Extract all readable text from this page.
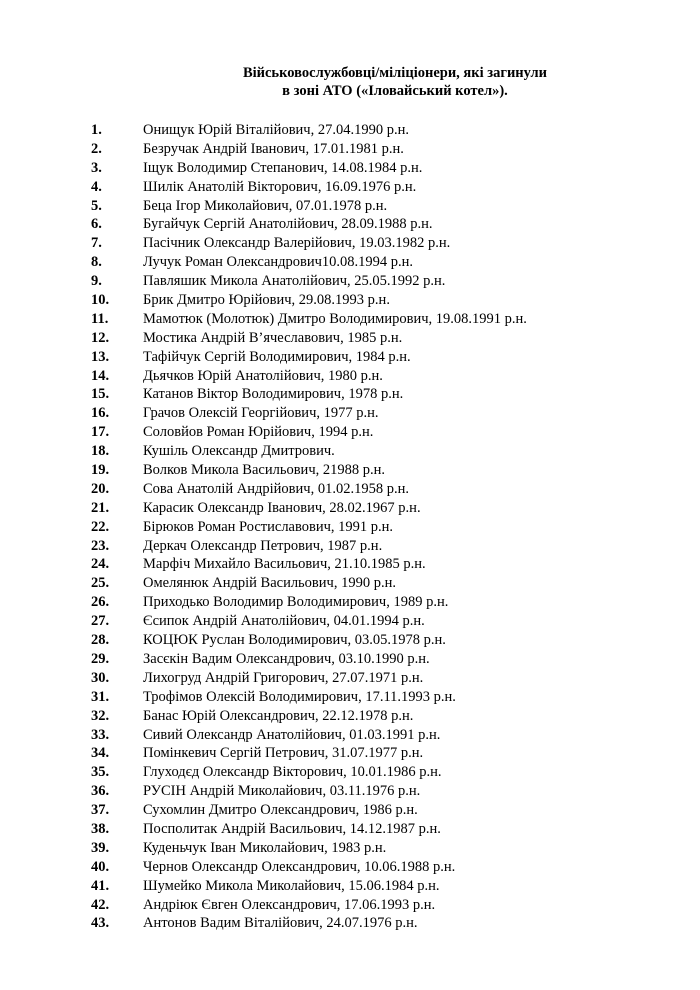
Військовослужбовці/міліціонери, які загинули
в зоні АТО («Іловайський котел»).
1.	Онищук Юрій Віталійович, 27.04.1990 р.н.
2.	Безручак Андрій Іванович, 17.01.1981 р.н.
3.	Іщук Володимир Степанович, 14.08.1984 р.н.
4.	Шилік Анатолій Вікторович, 16.09.1976 р.н.
5.	Беца Ігор Миколайович, 07.01.1978 р.н.
6.	Бугайчук Сергій Анатолійович, 28.09.1988 р.н.
7.	Пасічник Олександр Валерійович, 19.03.1982 р.н.
8.	Лучук Роман Олександрович10.08.1994 р.н.
9.	Павляшик Микола Анатолійович, 25.05.1992 р.н.
10.	Брик Дмитро Юрійович, 29.08.1993 р.н.
11.	Мамотюк (Молотюк) Дмитро Володимирович, 19.08.1991 р.н.
12.	Мостика Андрій В’ячеславович, 1985 р.н.
13.	Тафійчук Сергій Володимирович, 1984 р.н.
14.	Дьячков Юрій Анатолійович, 1980 р.н.
15.	Катанов Віктор Володимирович, 1978 р.н.
16.	Грачов Олексій Георгійович, 1977 р.н.
17.	Соловйов Роман Юрійович, 1994 р.н.
18.	Кушіль Олександр Дмитрович.
19.	Волков Микола Васильович, 21988 р.н.
20.	Сова Анатолій Андрійович, 01.02.1958 р.н.
21.	Карасик Олександр Іванович, 28.02.1967 р.н.
22.	Бірюков Роман Ростиславович, 1991 р.н.
23.	Деркач Олександр Петрович, 1987 р.н.
24.	Марфіч Михайло Васильович, 21.10.1985 р.н.
25.	Омелянюк Андрій Васильович, 1990 р.н.
26.	Приходько Володимир Володимирович, 1989 р.н.
27.	Єсипок Андрій Анатолійович, 04.01.1994 р.н.
28.	КОЦЮК Руслан Володимирович, 03.05.1978 р.н.
29.	Засєкін Вадим Олександрович, 03.10.1990 р.н.
30.	Лихогруд Андрій Григорович, 27.07.1971 р.н.
31.	Трофімов Олексій Володимирович, 17.11.1993 р.н.
32.	Банас Юрій Олександрович, 22.12.1978 р.н.
33.	Сивий Олександр Анатолійович, 01.03.1991 р.н.
34.	Помінкевич Сергій Петрович, 31.07.1977 р.н.
35.	Глуходєд Олександр Вікторович, 10.01.1986 р.н.
36.	РУСІН Андрій Миколайович, 03.11.1976 р.н.
37.	Сухомлин Дмитро Олександрович, 1986 р.н.
38.	Посполитак Андрій Васильович, 14.12.1987 р.н.
39.	Куденьчук Іван Миколайович, 1983 р.н.
40.	Чернов Олександр Олександрович, 10.06.1988 р.н.
41.	Шумейко Микола Миколайович, 15.06.1984 р.н.
42.	Андріюк Євген Олександрович, 17.06.1993 р.н.
43.	Антонов Вадим Віталійович, 24.07.1976 р.н.
